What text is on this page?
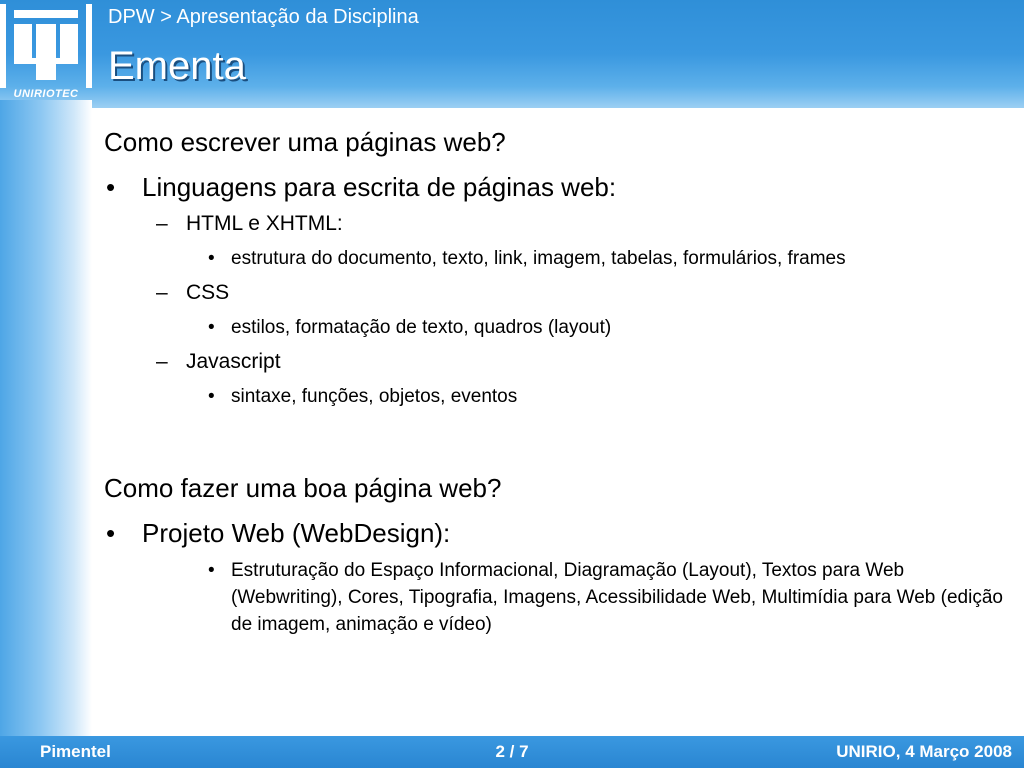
UNIRIOTEC
DPW > Apresentação da Disciplina
Ementa
Como escrever uma páginas web?
• Linguagens para escrita de páginas web:
– HTML e XHTML:
• estrutura do documento, texto, link, imagem, tabelas, formulários, frames
– CSS
• estilos, formatação de texto, quadros (layout)
– Javascript
• sintaxe, funções, objetos, eventos
Como fazer uma boa página web?
• Projeto Web (WebDesign):
• Estruturação do Espaço Informacional, Diagramação (Layout), Textos para Web (Webwriting), Cores, Tipografia, Imagens, Acessibilidade Web, Multimídia para Web (edição de imagem, animação e vídeo)
Pimentel	2 / 7	UNIRIO, 4 Março 2008
